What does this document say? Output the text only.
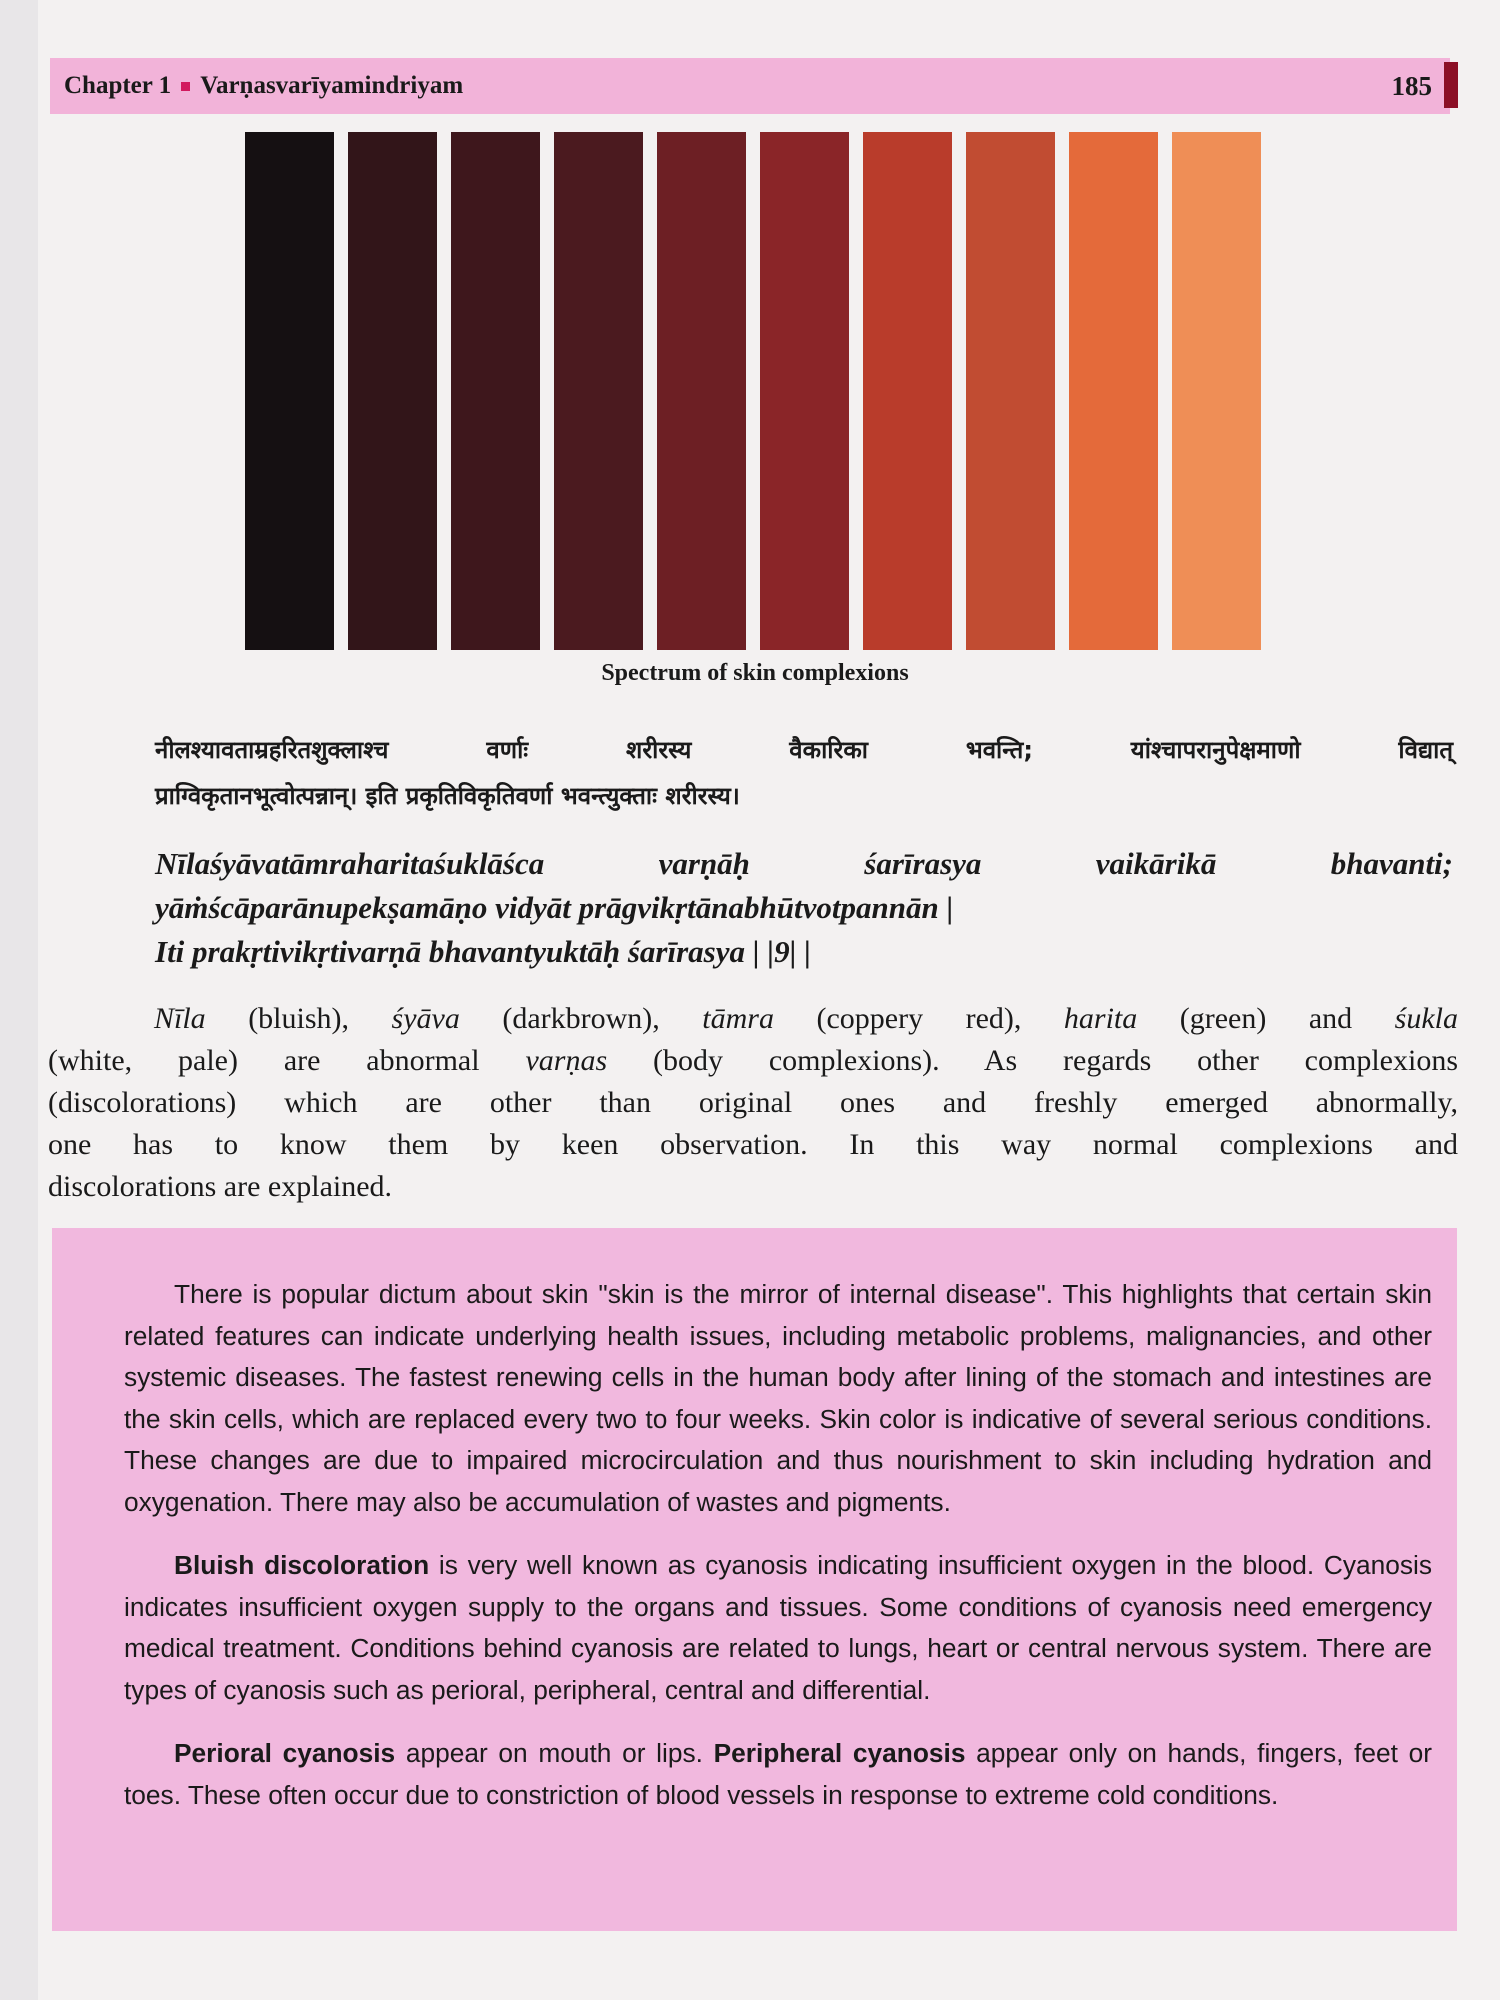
Chapter 1 Varṇasvarīyamindriyam	185
Spectrum of skin complexions
नीलश्यावताम्रहरितशुक्लाश्च वर्णाः शरीरस्य वैकारिका भवन्ति; यांश्चापरानुपेक्षमाणो विद्यात्
प्राग्विकृतानभूत्वोत्पन्नान्। इति प्रकृतिविकृतिवर्णा भवन्त्युक्ताः शरीरस्य।
Nīlaśyāvatāmraharitaśuklāśca varṇāḥ śarīrasya vaikārikā bhavanti;
yāṁścāparānupekṣamāṇo vidyāt prāgvikṛtānabhūtvotpannān |
Iti prakṛtivikṛtivarṇā bhavantyuktāḥ śarīrasya | |9| |
Nīla (bluish), śyāva (darkbrown), tāmra (coppery red), harita (green) and śukla
(white, pale) are abnormal varṇas (body complexions). As regards other complexions
(discolorations) which are other than original ones and freshly emerged abnormally,
one has to know them by keen observation. In this way normal complexions and
discolorations are explained.

There is popular dictum about skin "skin is the mirror of internal disease". This highlights that certain skin related features can indicate underlying health issues, including metabolic problems, malignancies, and other systemic diseases. The fastest renewing cells in the human body after lining of the stomach and intestines are the skin cells, which are replaced every two to four weeks. Skin color is indicative of several serious conditions. These changes are due to impaired microcirculation and thus nourishment to skin including hydration and oxygenation. There may also be accumulation of wastes and pigments.

Bluish discoloration is very well known as cyanosis indicating insufficient oxygen in the blood. Cyanosis indicates insufficient oxygen supply to the organs and tissues. Some conditions of cyanosis need emergency medical treatment. Conditions behind cyanosis are related to lungs, heart or central nervous system. There are types of cyanosis such as perioral, peripheral, central and differential.

Perioral cyanosis appear on mouth or lips. Peripheral cyanosis appear only on hands, fingers, feet or toes. These often occur due to constriction of blood vessels in response to extreme cold conditions.
